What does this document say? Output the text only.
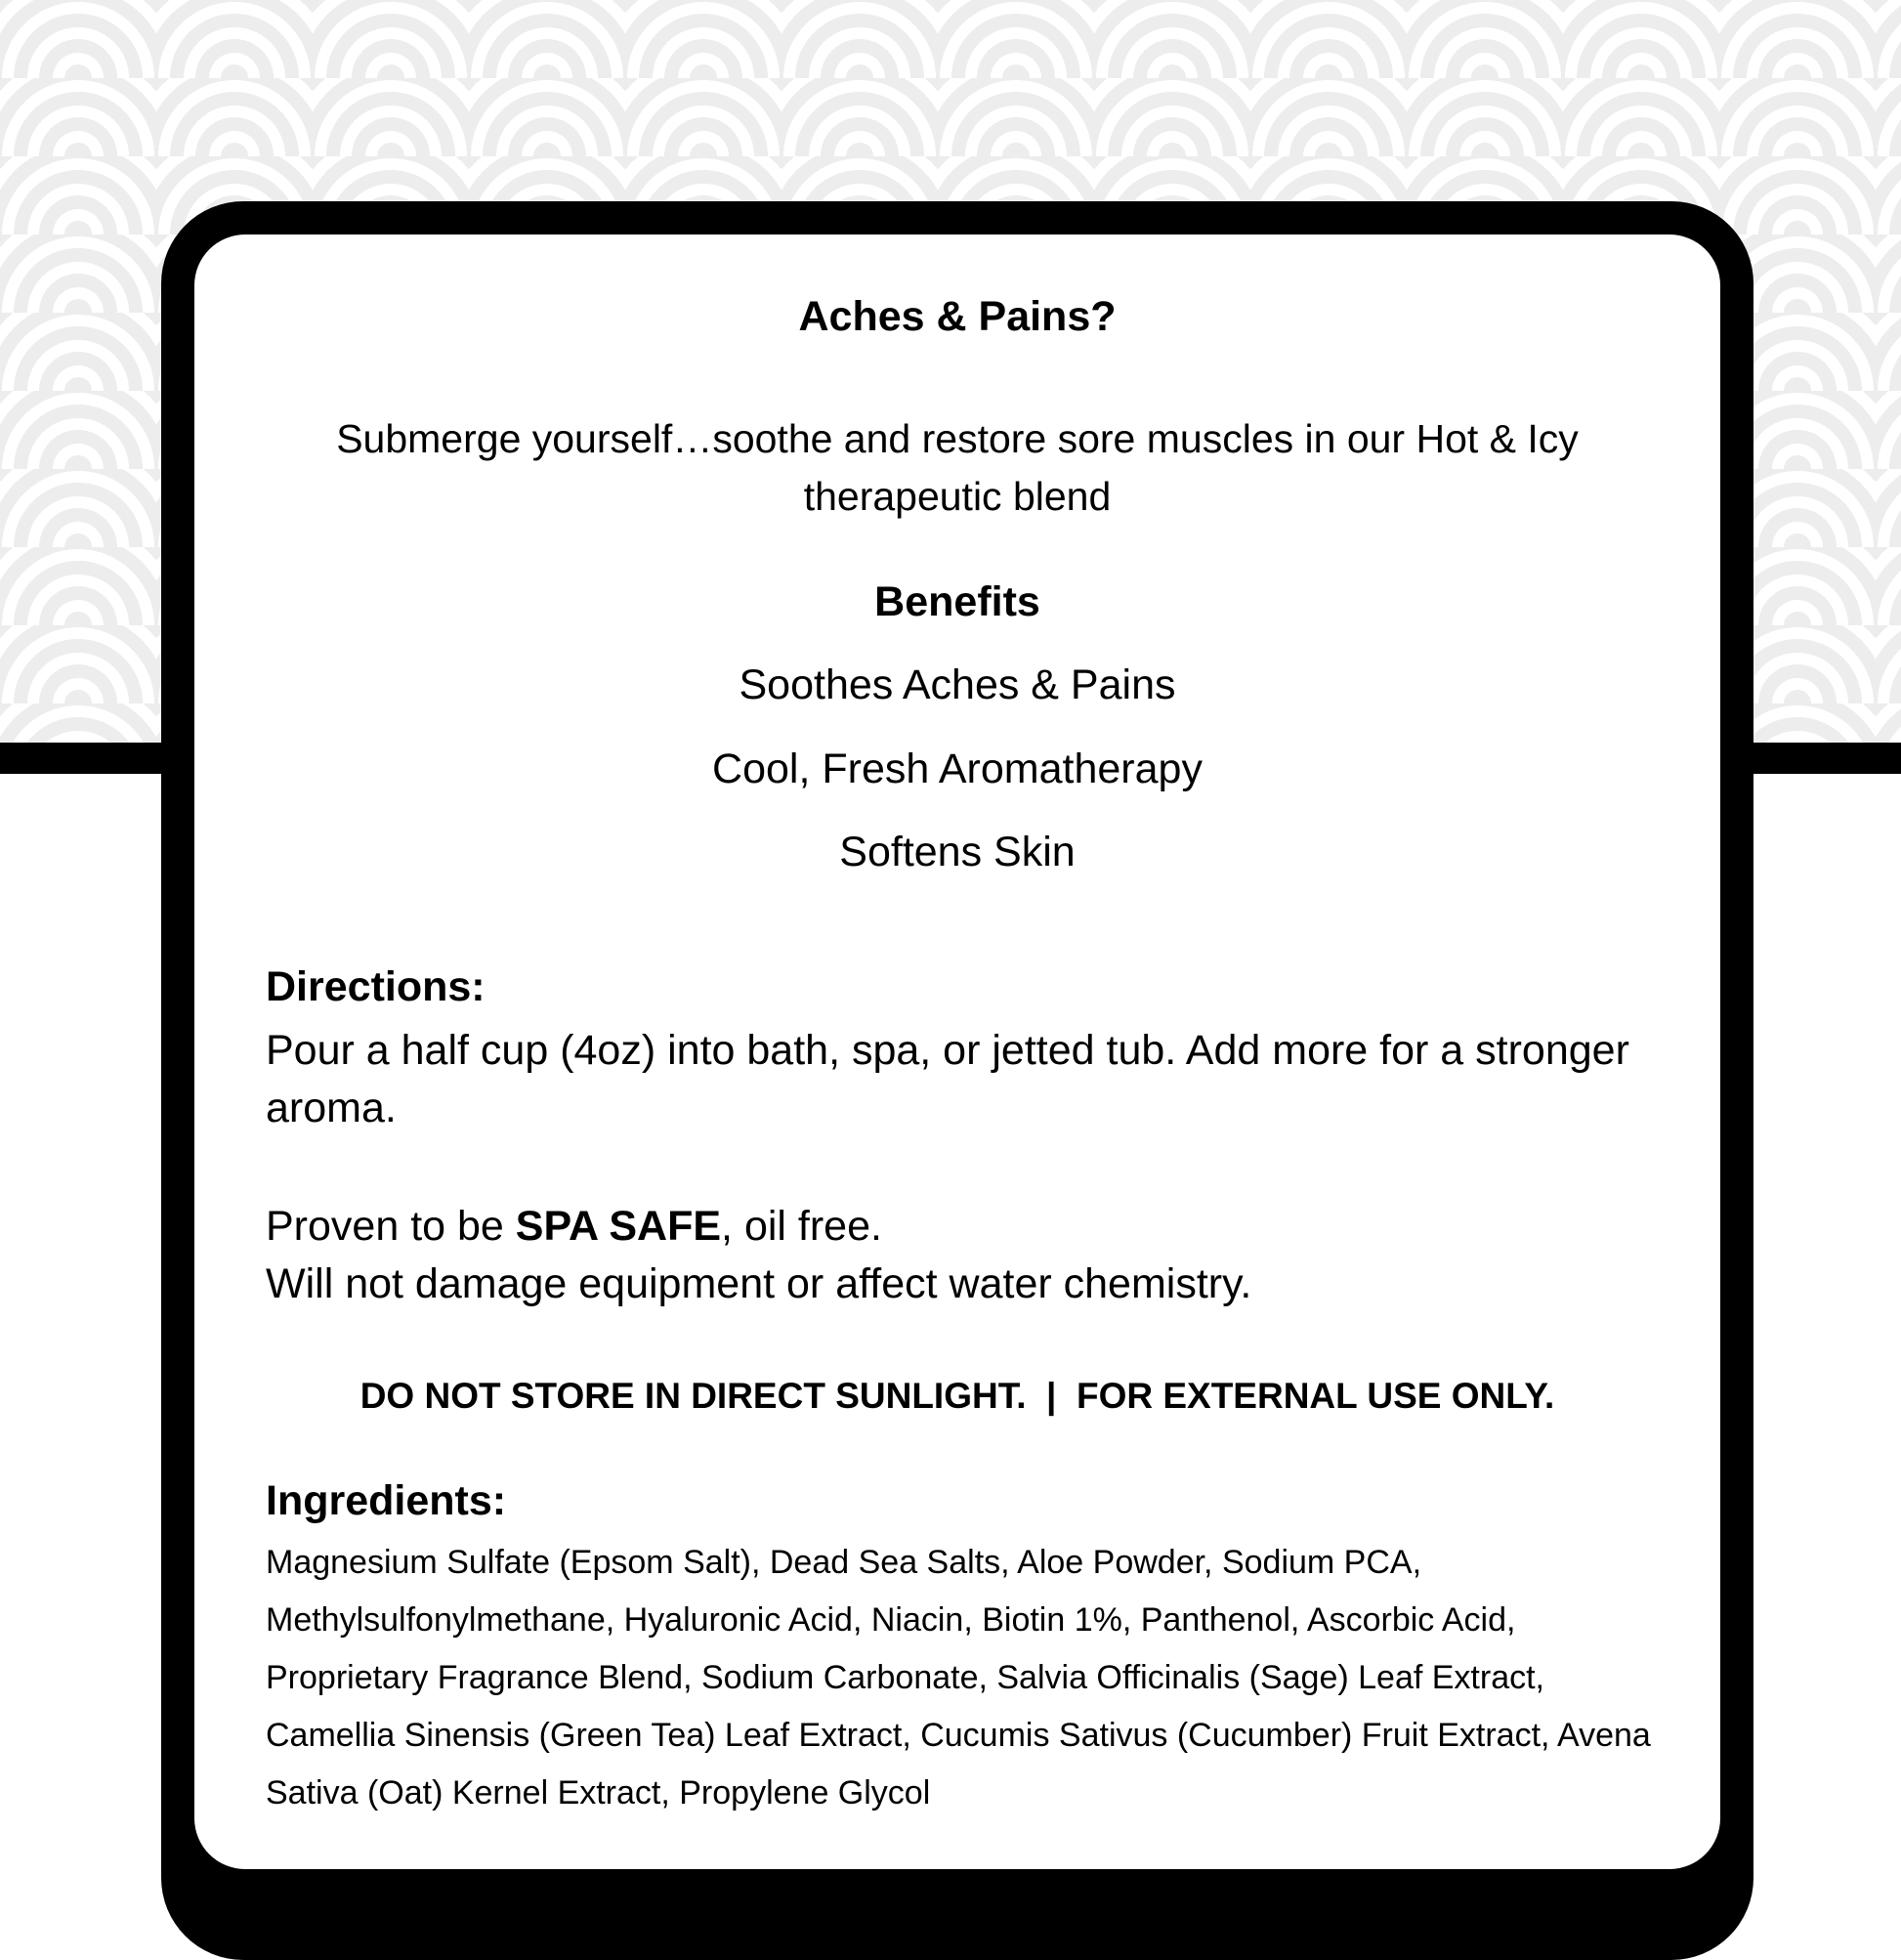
Aches & Pains?
Submerge yourself…soothe and restore sore muscles in our Hot & Icy therapeutic blend
Benefits
Soothes Aches & Pains
Cool, Fresh Aromatherapy
Softens Skin
Directions:
Pour a half cup (4oz) into bath, spa, or jetted tub. Add more for a stronger aroma.
Proven to be SPA SAFE, oil free.
Will not damage equipment or affect water chemistry.
DO NOT STORE IN DIRECT SUNLIGHT.  |  FOR EXTERNAL USE ONLY.
Ingredients:
Magnesium Sulfate (Epsom Salt), Dead Sea Salts, Aloe Powder, Sodium PCA, Methylsulfonylmethane, Hyaluronic Acid, Niacin, Biotin 1%, Panthenol, Ascorbic Acid, Proprietary Fragrance Blend, Sodium Carbonate, Salvia Officinalis (Sage) Leaf Extract, Camellia Sinensis (Green Tea) Leaf Extract, Cucumis Sativus (Cucumber) Fruit Extract, Avena Sativa (Oat) Kernel Extract, Propylene Glycol
